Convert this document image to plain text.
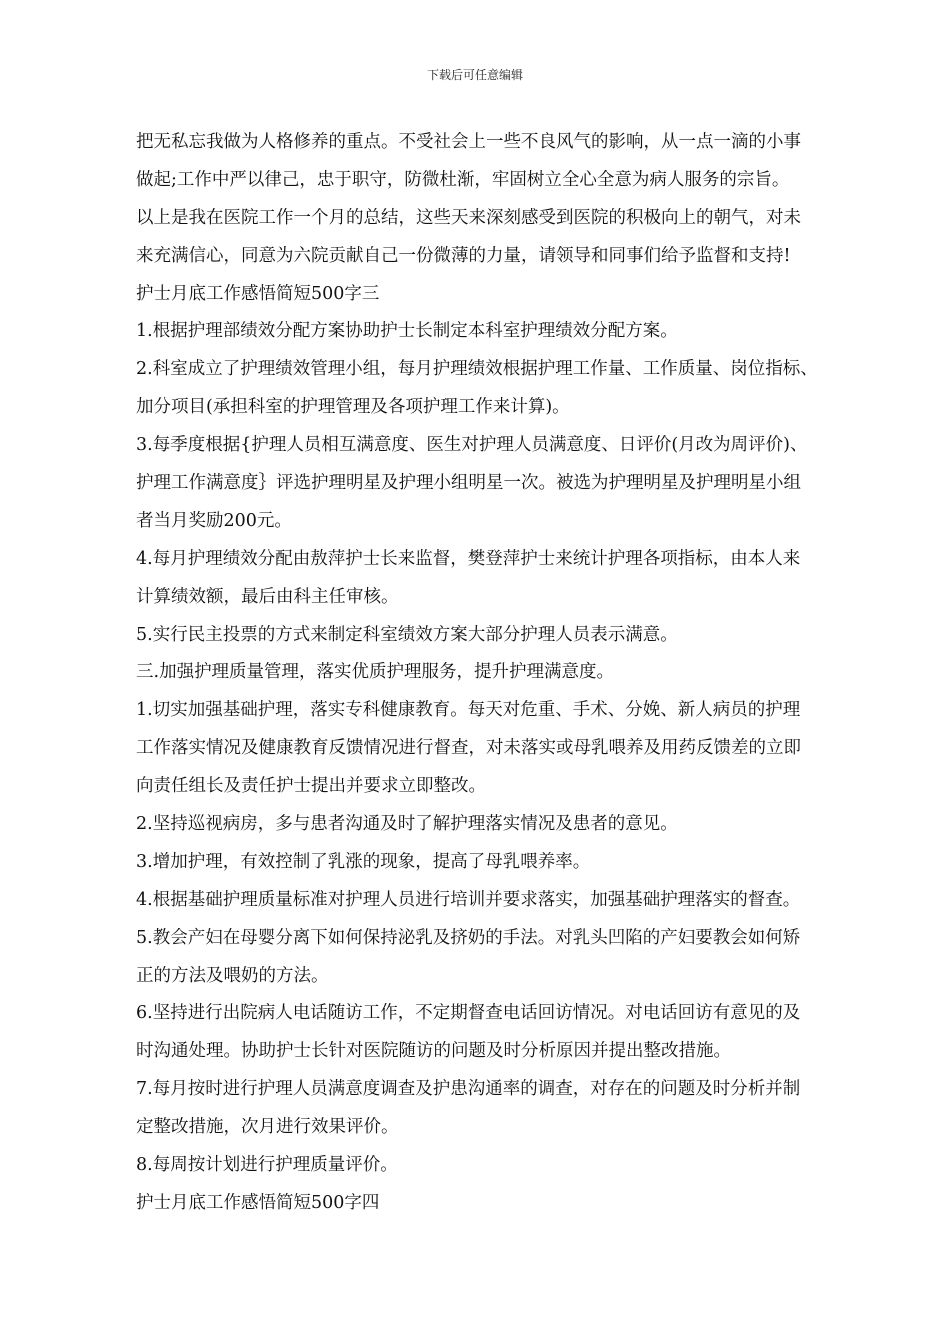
下载后可任意编辑
把无私忘我做为人格修养的重点。不受社会上一些不良风气的影响，从一点一滴的小事
做起;工作中严以律己，忠于职守，防微杜渐，牢固树立全心全意为病人服务的宗旨。
以上是我在医院工作一个月的总结，这些天来深刻感受到医院的积极向上的朝气，对未
来充满信心，同意为六院贡献自己一份微薄的力量，请领导和同事们给予监督和支持!
护士月底工作感悟简短500字三
1.根据护理部绩效分配方案协助护士长制定本科室护理绩效分配方案。
2.科室成立了护理绩效管理小组，每月护理绩效根据护理工作量、工作质量、岗位指标、
加分项目(承担科室的护理管理及各项护理工作来计算)。
3.每季度根据{护理人员相互满意度、医生对护理人员满意度、日评价(月改为周评价)、
护理工作满意度｝评选护理明星及护理小组明星一次。被选为护理明星及护理明星小组
者当月奖励200元。
4.每月护理绩效分配由敖萍护士长来监督，樊登萍护士来统计护理各项指标，由本人来
计算绩效额，最后由科主任审核。
5.实行民主投票的方式来制定科室绩效方案大部分护理人员表示满意。
三.加强护理质量管理，落实优质护理服务，提升护理满意度。
1.切实加强基础护理，落实专科健康教育。每天对危重、手术、分娩、新人病员的护理
工作落实情况及健康教育反馈情况进行督查，对未落实或母乳喂养及用药反馈差的立即
向责任组长及责任护士提出并要求立即整改。
2.坚持巡视病房，多与患者沟通及时了解护理落实情况及患者的意见。
3.增加护理，有效控制了乳涨的现象，提高了母乳喂养率。
4.根据基础护理质量标准对护理人员进行培训并要求落实，加强基础护理落实的督查。
5.教会产妇在母婴分离下如何保持泌乳及挤奶的手法。对乳头凹陷的产妇要教会如何矫
正的方法及喂奶的方法。
6.坚持进行出院病人电话随访工作，不定期督查电话回访情况。对电话回访有意见的及
时沟通处理。协助护士长针对医院随访的问题及时分析原因并提出整改措施。
7.每月按时进行护理人员满意度调查及护患沟通率的调查，对存在的问题及时分析并制
定整改措施，次月进行效果评价。
8.每周按计划进行护理质量评价。
护士月底工作感悟简短500字四
